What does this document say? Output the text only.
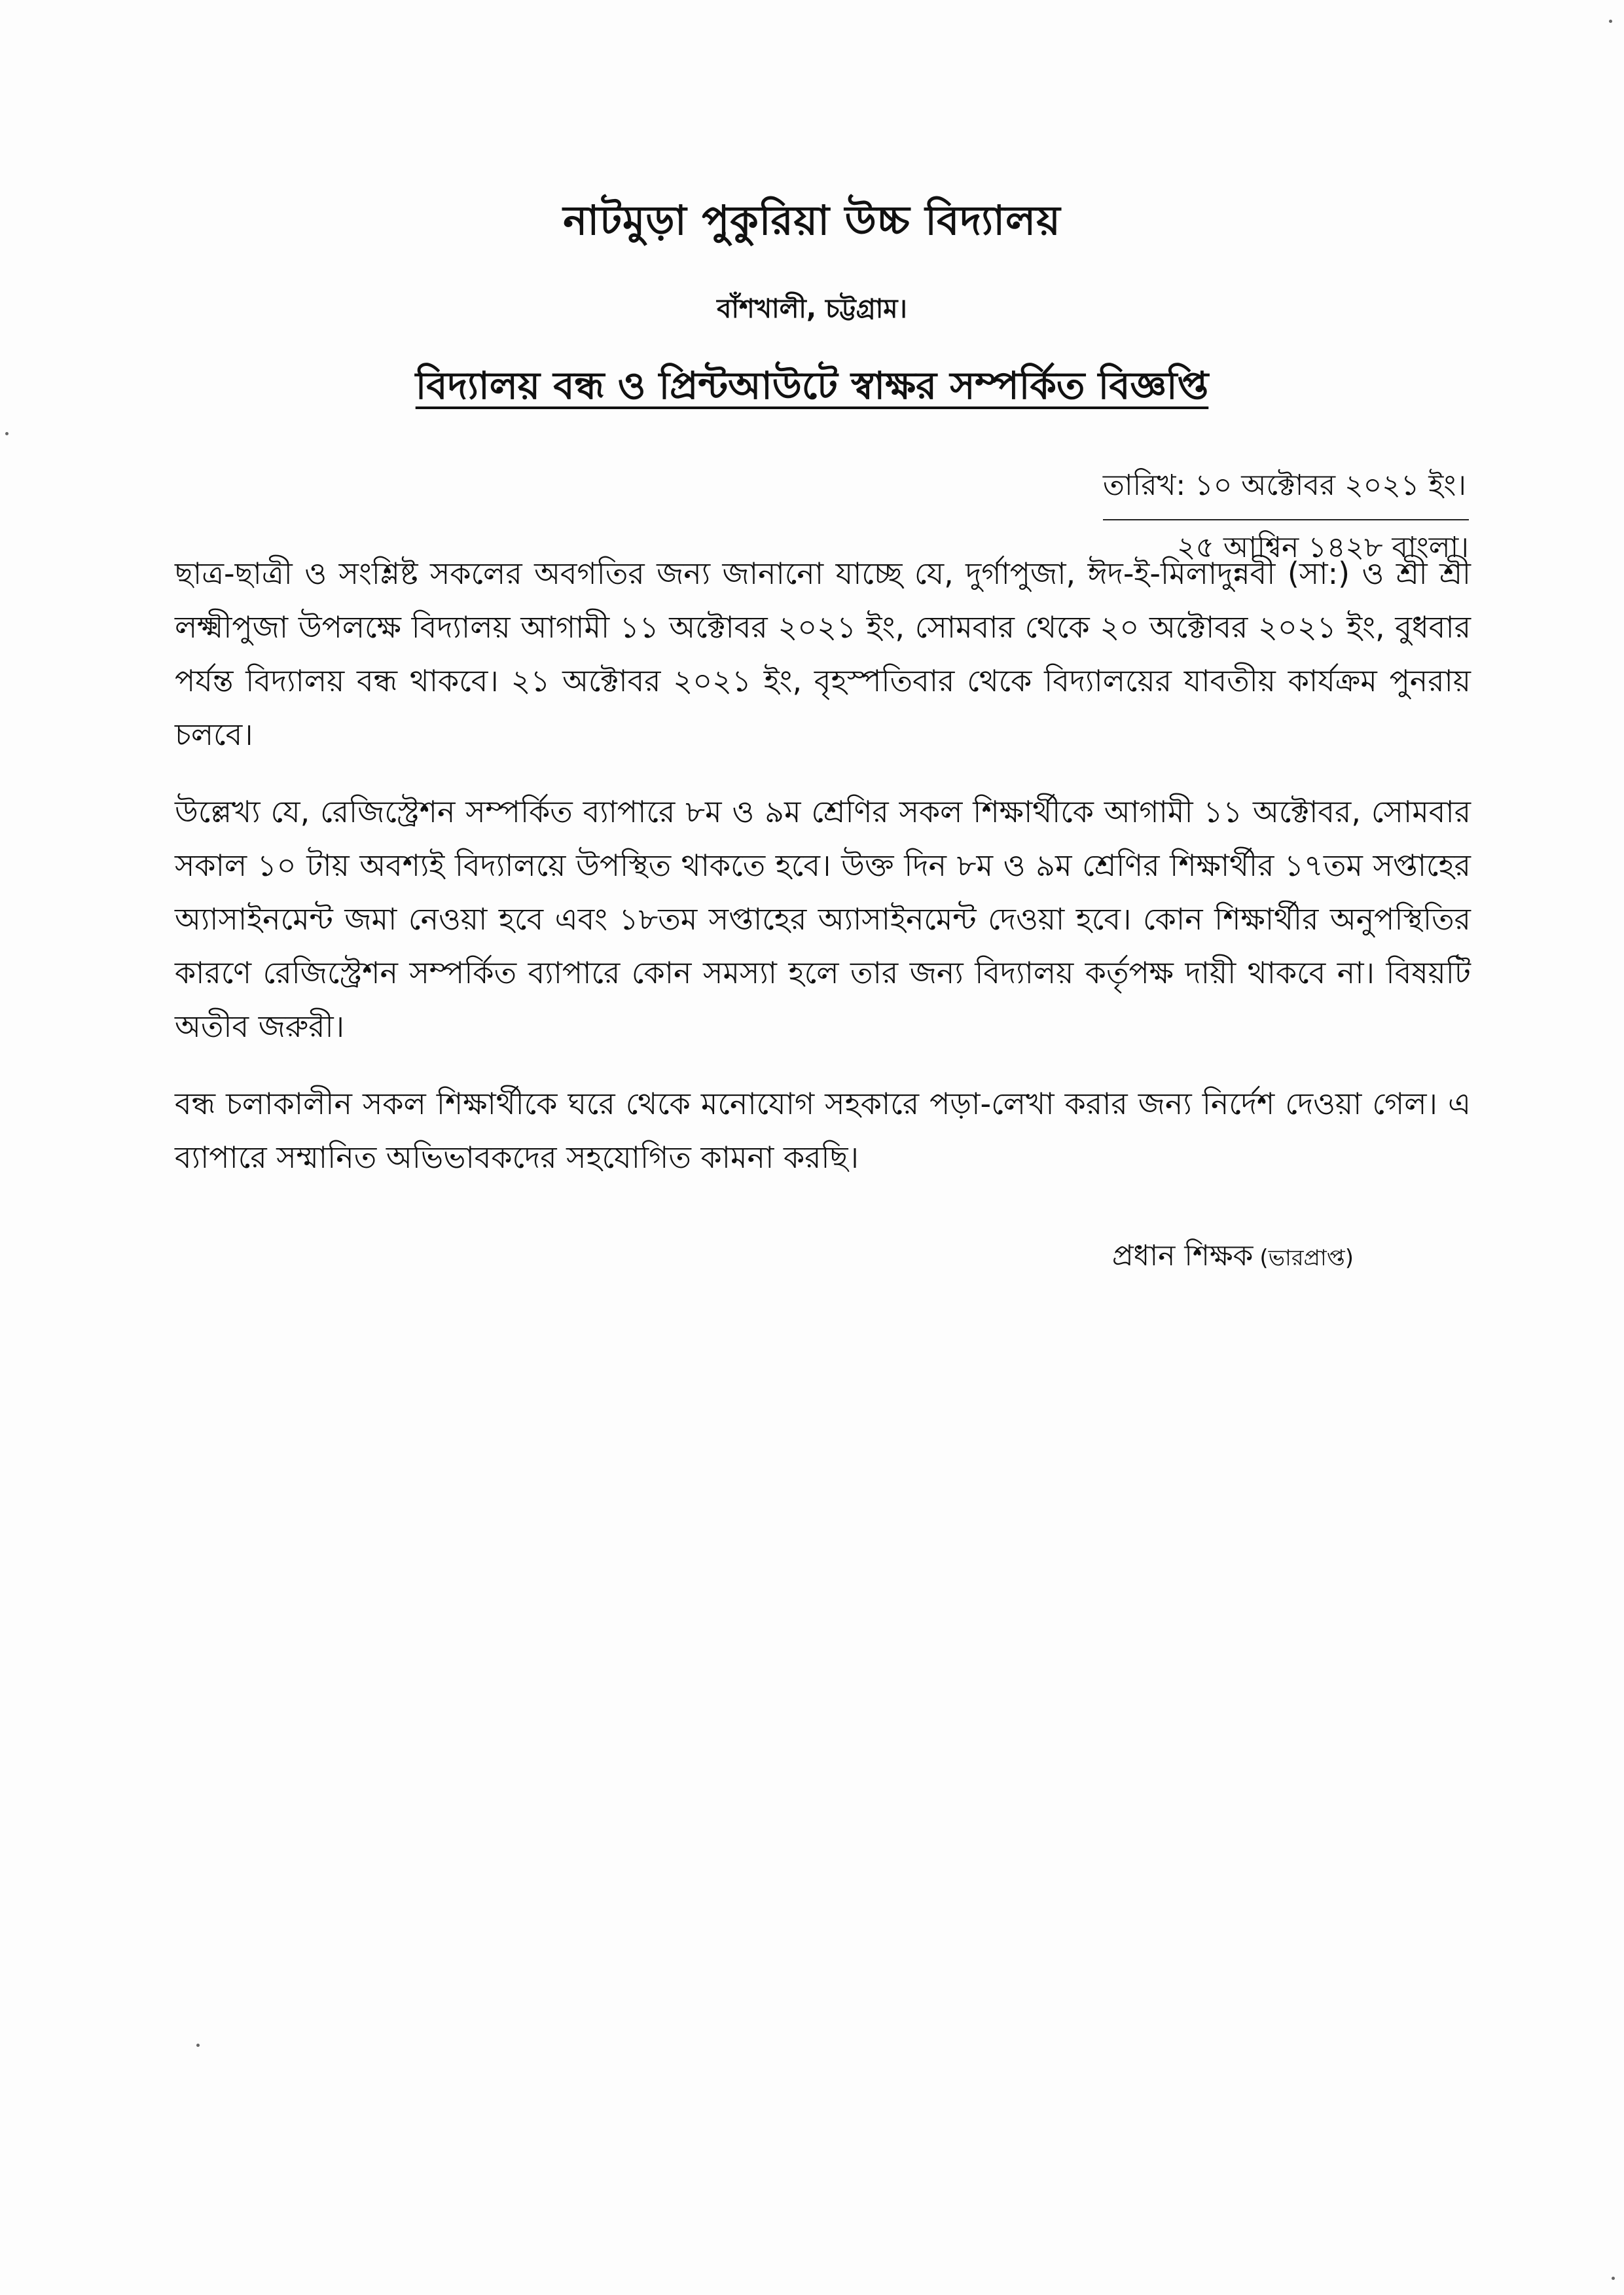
নাটমুড়া পুকুরিয়া উচ্চ বিদ্যালয়
বাঁশখালী, চট্টগ্রাম।
বিদ্যালয় বন্ধ ও প্রিন্টআউটে স্বাক্ষর সম্পর্কিত বিজ্ঞপ্তি
তারিখ: ১০ অক্টোবর ২০২১ ইং।
২৫ আশ্বিন ১৪২৮ বাংলা।

ছাত্র-ছাত্রী ও সংশ্লিষ্ট সকলের অবগতির জন্য জানানো যাচ্ছে যে, দুর্গাপুজা, ঈদ-ই-মিলাদুন্নবী (সা:) ও শ্রী শ্রী লক্ষ্মীপুজা উপলক্ষে বিদ্যালয় আগামী ১১ অক্টোবর ২০২১ ইং, সোমবার থেকে ২০ অক্টোবর ২০২১ ইং, বুধবার পর্যন্ত বিদ্যালয় বন্ধ থাকবে। ২১ অক্টোবর ২০২১ ইং, বৃহস্পতিবার থেকে বিদ্যালয়ের যাবতীয় কার্যক্রম পুনরায় চলবে।

উল্লেখ্য যে, রেজিস্ট্রেশন সম্পর্কিত ব্যাপারে ৮ম ও ৯ম শ্রেণির সকল শিক্ষার্থীকে আগামী ১১ অক্টোবর, সোমবার সকাল ১০ টায় অবশ্যই বিদ্যালয়ে উপস্থিত থাকতে হবে। উক্ত দিন ৮ম ও ৯ম শ্রেণির শিক্ষার্থীর ১৭তম সপ্তাহের অ্যাসাইনমেন্ট জমা নেওয়া হবে এবং ১৮তম সপ্তাহের অ্যাসাইনমেন্ট দেওয়া হবে। কোন শিক্ষার্থীর অনুপস্থিতির কারণে রেজিস্ট্রেশন সম্পর্কিত ব্যাপারে কোন সমস্যা হলে তার জন্য বিদ্যালয় কর্তৃপক্ষ দায়ী থাকবে না। বিষয়টি অতীব জরুরী।

বন্ধ চলাকালীন সকল শিক্ষার্থীকে ঘরে থেকে মনোযোগ সহকারে পড়া-লেখা করার জন্য নির্দেশ দেওয়া গেল। এ ব্যাপারে সম্মানিত অভিভাবকদের সহযোগিত কামনা করছি।

প্রধান শিক্ষক (ভারপ্রাপ্ত)
